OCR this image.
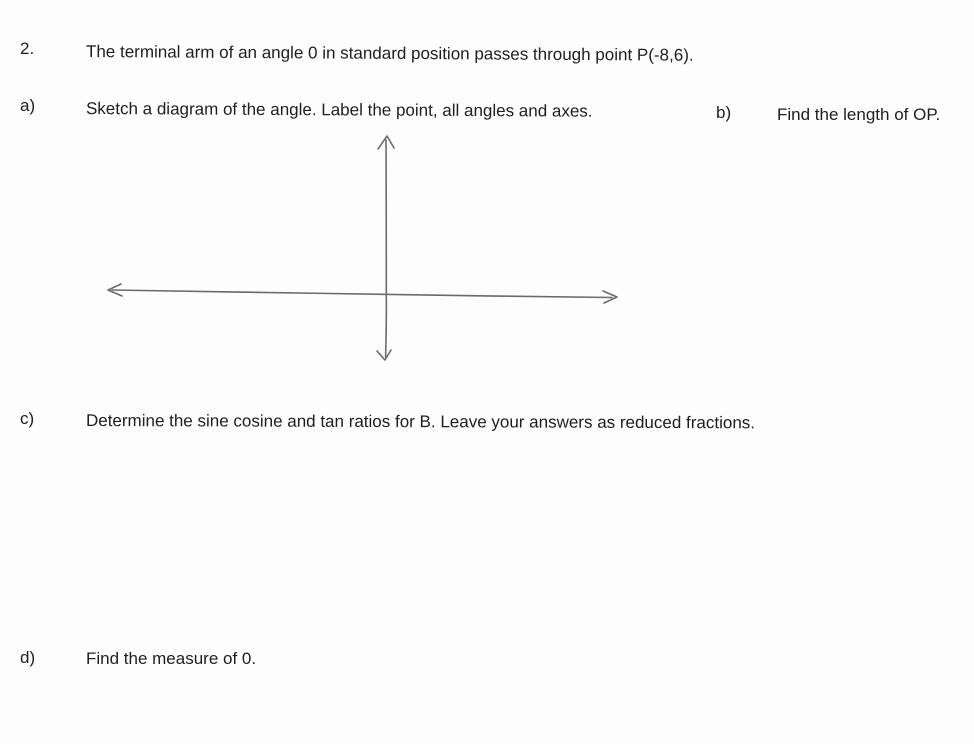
2.	The terminal arm of an angle 0 in standard position passes through point P(-8,6).
a)	Sketch a diagram of the angle. Label the point, all angles and axes.	b)	Find the length of OP.
c)	Determine the sine cosine and tan ratios for B. Leave your answers as reduced fractions.
d)	Find the measure of 0.
